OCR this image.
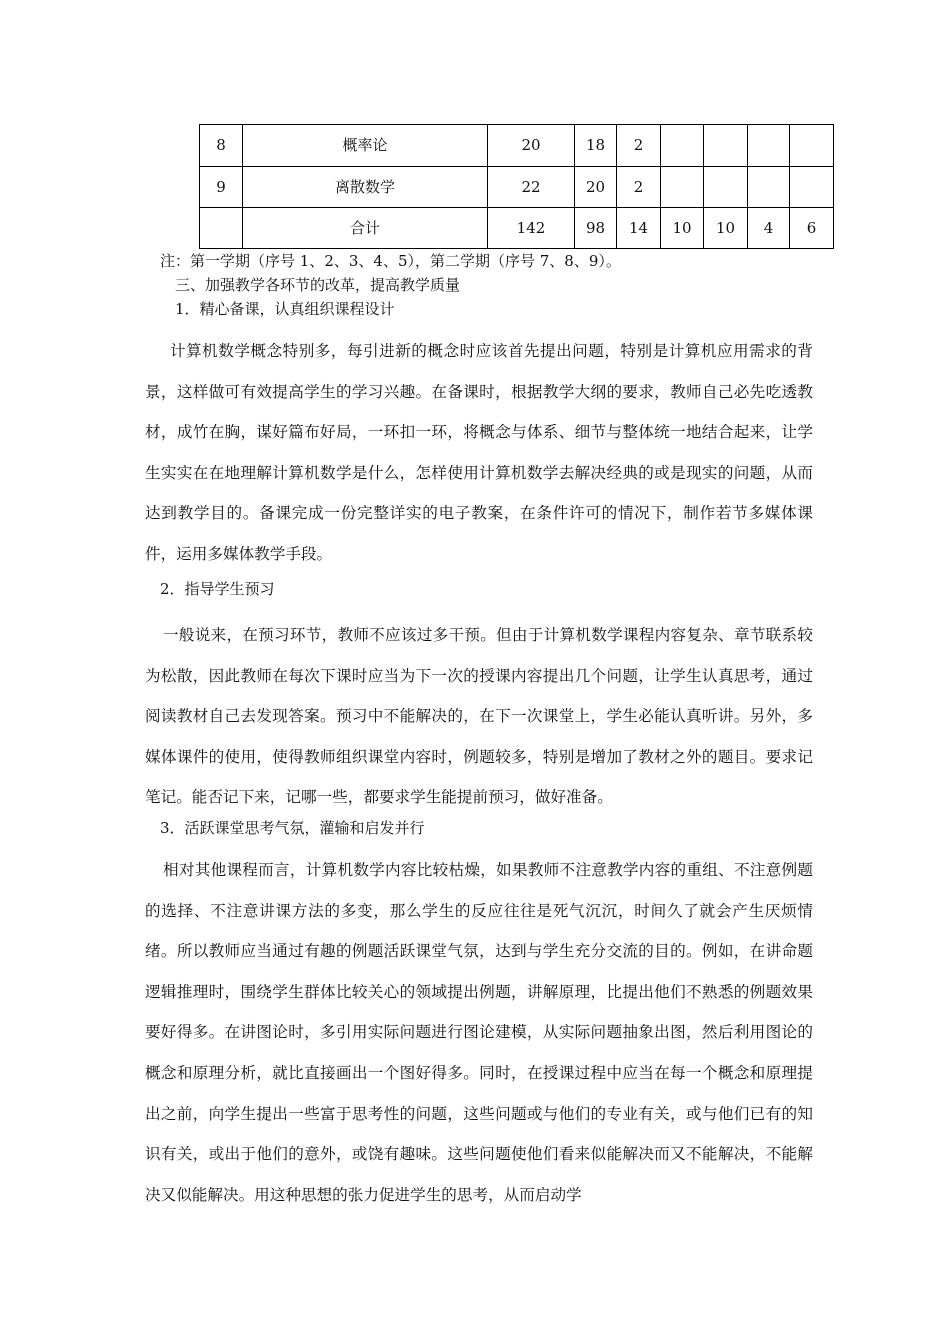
8	概率论	20	18	2				
9	离散数学	22	20	2				
	合计	142	98	14	10	10	4	6
注：第一学期（序号 1、2、3、4、5），第二学期（序号 7、8、9）。
三、加强教学各环节的改革，提高教学质量
1．精心备课，认真组织课程设计

计算机数学概念特别多，每引进新的概念时应该首先提出问题，特别是计算机应用需求的背景，这样做可有效提高学生的学习兴趣。在备课时，根据教学大纲的要求，教师自己必先吃透教材，成竹在胸，谋好篇布好局，一环扣一环，将概念与体系、细节与整体统一地结合起来，让学生实实在在地理解计算机数学是什么，怎样使用计算机数学去解决经典的或是现实的问题，从而达到教学目的。备课完成一份完整详实的电子教案，在条件许可的情况下，制作若节多媒体课件，运用多媒体教学手段。

2．指导学生预习

一般说来，在预习环节，教师不应该过多干预。但由于计算机数学课程内容复杂、章节联系较为松散，因此教师在每次下课时应当为下一次的授课内容提出几个问题，让学生认真思考，通过阅读教材自己去发现答案。预习中不能解决的，在下一次课堂上，学生必能认真听讲。另外，多媒体课件的使用，使得教师组织课堂内容时，例题较多，特别是增加了教材之外的题目。要求记笔记。能否记下来，记哪一些，都要求学生能提前预习，做好准备。

3．活跃课堂思考气氛，灌输和启发并行

相对其他课程而言，计算机数学内容比较枯燥，如果教师不注意教学内容的重组、不注意例题的选择、不注意讲课方法的多变，那么学生的反应往往是死气沉沉，时间久了就会产生厌烦情绪。所以教师应当通过有趣的例题活跃课堂气氛，达到与学生充分交流的目的。例如，在讲命题逻辑推理时，围绕学生群体比较关心的领域提出例题，讲解原理，比提出他们不熟悉的例题效果要好得多。在讲图论时，多引用实际问题进行图论建模，从实际问题抽象出图，然后利用图论的概念和原理分析，就比直接画出一个图好得多。同时，在授课过程中应当在每一个概念和原理提出之前，向学生提出一些富于思考性的问题，这些问题或与他们的专业有关，或与他们已有的知识有关，或出于他们的意外，或饶有趣味。这些问题使他们看来似能解决而又不能解决，不能解决又似能解决。用这种思想的张力促进学生的思考，从而启动学
